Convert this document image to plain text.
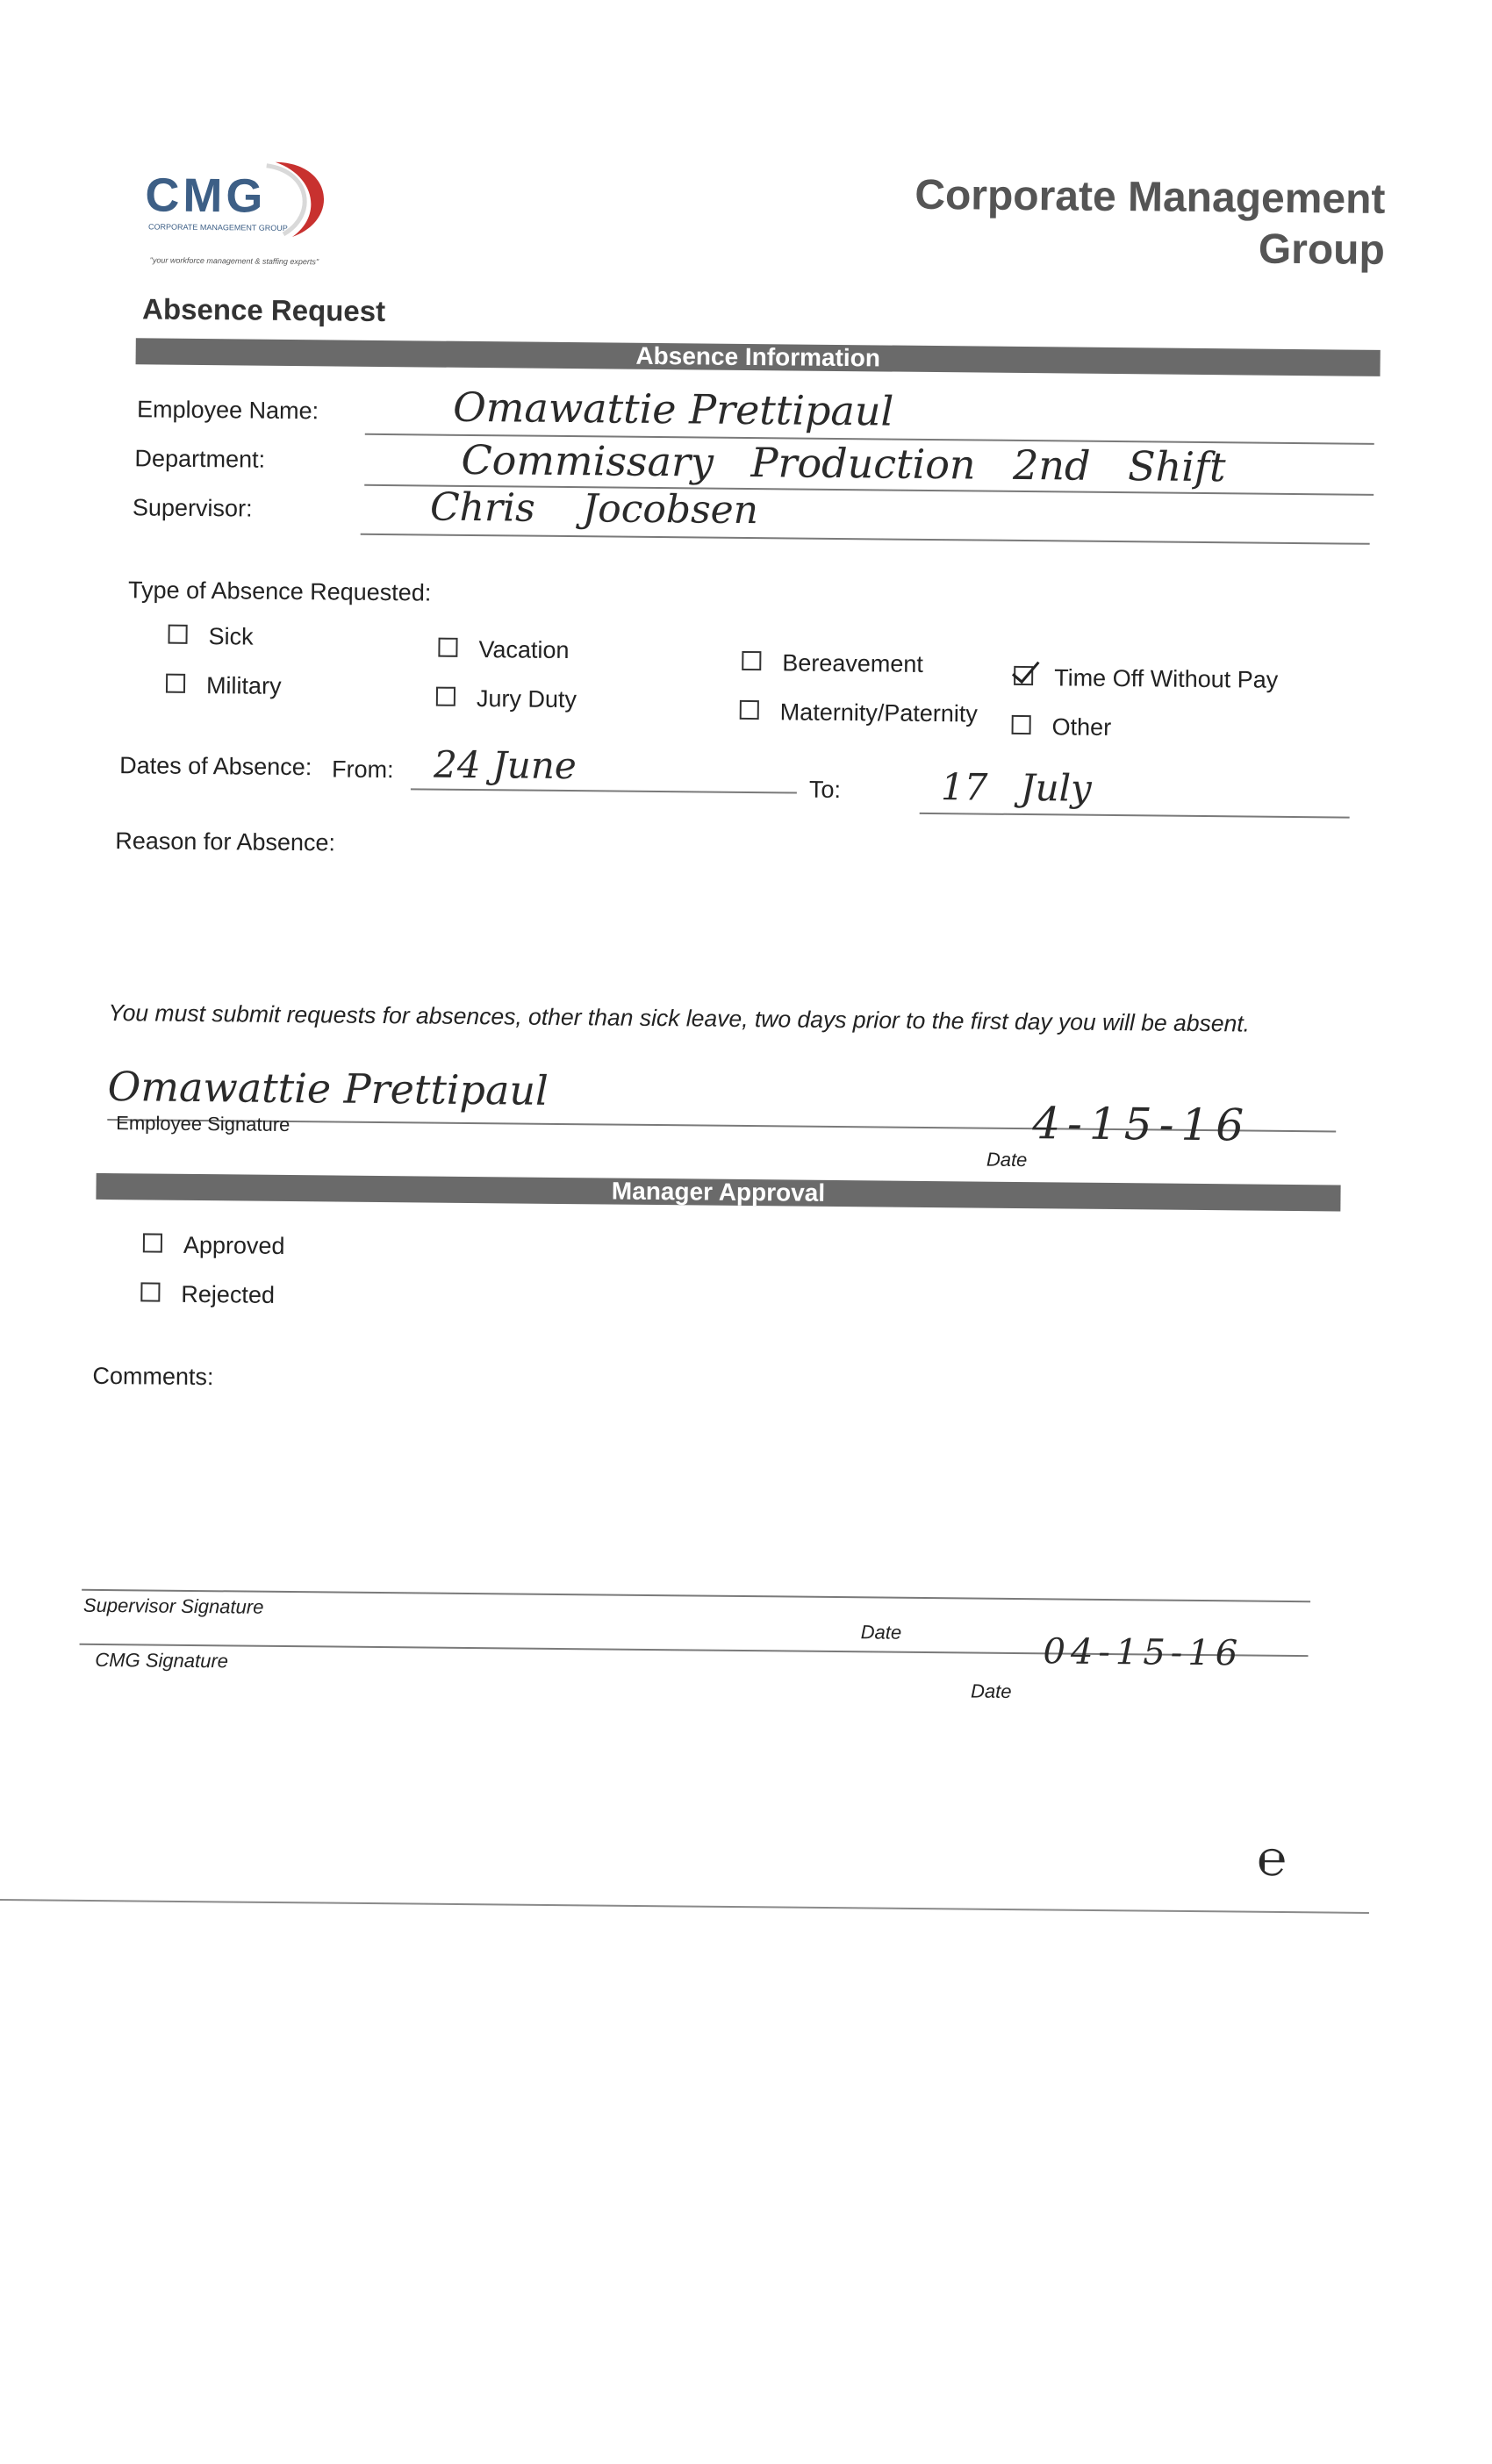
CMG
CORPORATE MANAGEMENT GROUP
"your workforce management & staffing experts"
Corporate Management
Group
Absence Request
Absence Information
Employee Name:	Omawattie Prettipaul
Department:	Commissary Production 2nd Shift
Supervisor:	Chris Jocobsen
Type of Absence Requested:
Sick
Military
Vacation
Jury Duty
Bereavement
Maternity/Paternity
Time Off Without Pay
Other
Dates of Absence: From: 24 June
To:	17 July
Reason for Absence:
You must submit requests for absences, other than sick leave, two days prior to the first day you will be absent.
Omawattie Prettipaul
Employee Signature	4-15-16
Date
Manager Approval
Approved
Rejected
Comments:
Supervisor Signature
Date
CMG Signature	04-15-16
Date
℮
